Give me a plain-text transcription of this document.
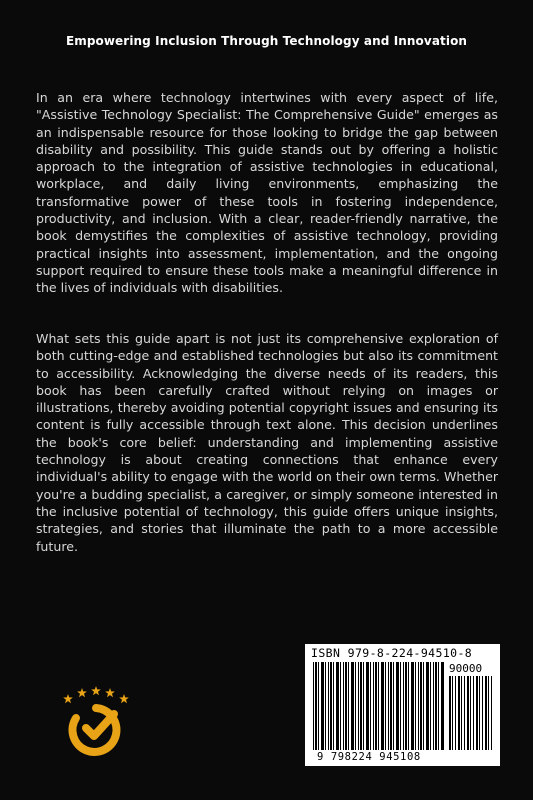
Empowering Inclusion Through Technology and Innovation

In an era where technology intertwines with every aspect of life, "Assistive Technology Specialist: The Comprehensive Guide" emerges as an indispensable resource for those looking to bridge the gap between disability and possibility. This guide stands out by offering a holistic approach to the integration of assistive technologies in educational, workplace, and daily living environments, emphasizing the transformative power of these tools in fostering independence, productivity, and inclusion. With a clear, reader-friendly narrative, the book demystifies the complexities of assistive technology, providing practical insights into assessment, implementation, and the ongoing support required to ensure these tools make a meaningful difference in the lives of individuals with disabilities.

What sets this guide apart is not just its comprehensive exploration of both cutting-edge and established technologies but also its commitment to accessibility. Acknowledging the diverse needs of its readers, this book has been carefully crafted without relying on images or illustrations, thereby avoiding potential copyright issues and ensuring its content is fully accessible through text alone. This decision underlines the book's core belief: understanding and implementing assistive technology is about creating connections that enhance every individual's ability to engage with the world on their own terms. Whether you're a budding specialist, a caregiver, or simply someone interested in the inclusive potential of technology, this guide offers unique insights, strategies, and stories that illuminate the path to a more accessible future.

ISBN 979-8-224-94510-8
90000
9 798224 945108
